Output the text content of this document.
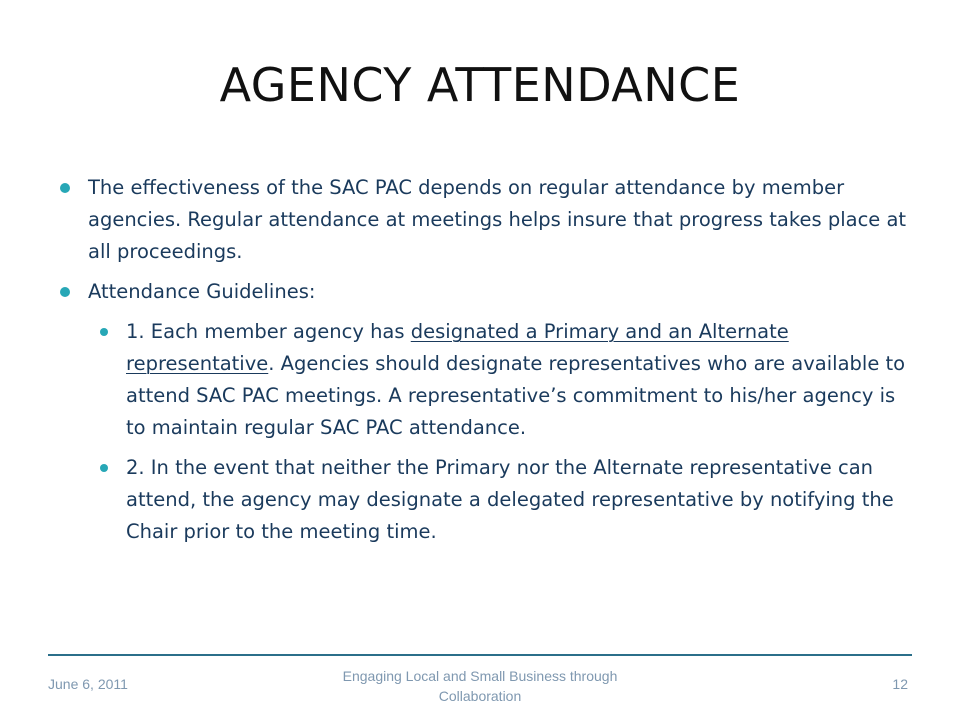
AGENCY ATTENDANCE
The effectiveness of the SAC PAC depends on regular attendance by member agencies. Regular attendance at meetings helps insure that progress takes place at all proceedings.
Attendance Guidelines:
1. Each member agency has designated a Primary and an Alternate representative. Agencies should designate representatives who are available to attend SAC PAC meetings. A representative’s commitment to his/her agency is to maintain regular SAC PAC attendance.
2. In the event that neither the Primary nor the Alternate representative can attend, the agency may designate a delegated representative by notifying the Chair prior to the meeting time.
June 6, 2011	Engaging Local and Small Business through Collaboration
12
